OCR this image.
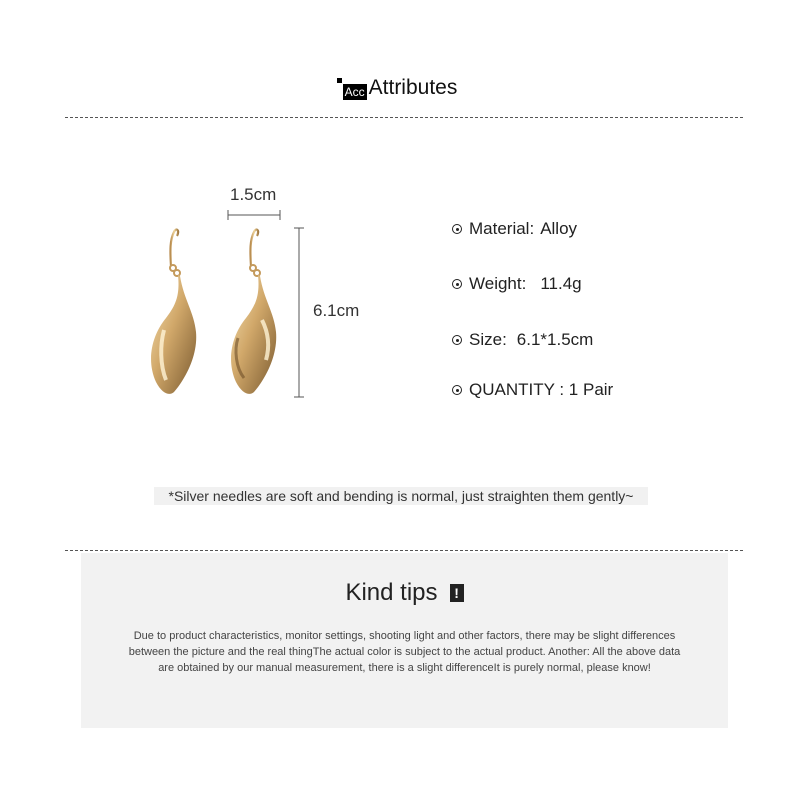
Acc Attributes
1.5cm
6.1cm
Material: Alloy
Weight: 11.4g
Size: 6.1*1.5cm
QUANTITY : 1 Pair
*Silver needles are soft and bending is normal, just straighten them gently~
Kind tips	!
Due to product characteristics, monitor settings, shooting light and other factors, there may be slight differences between the picture and the real thingThe actual color is subject to the actual product. Another: All the above data are obtained by our manual measurement, there is a slight differenceIt is purely normal, please know!
